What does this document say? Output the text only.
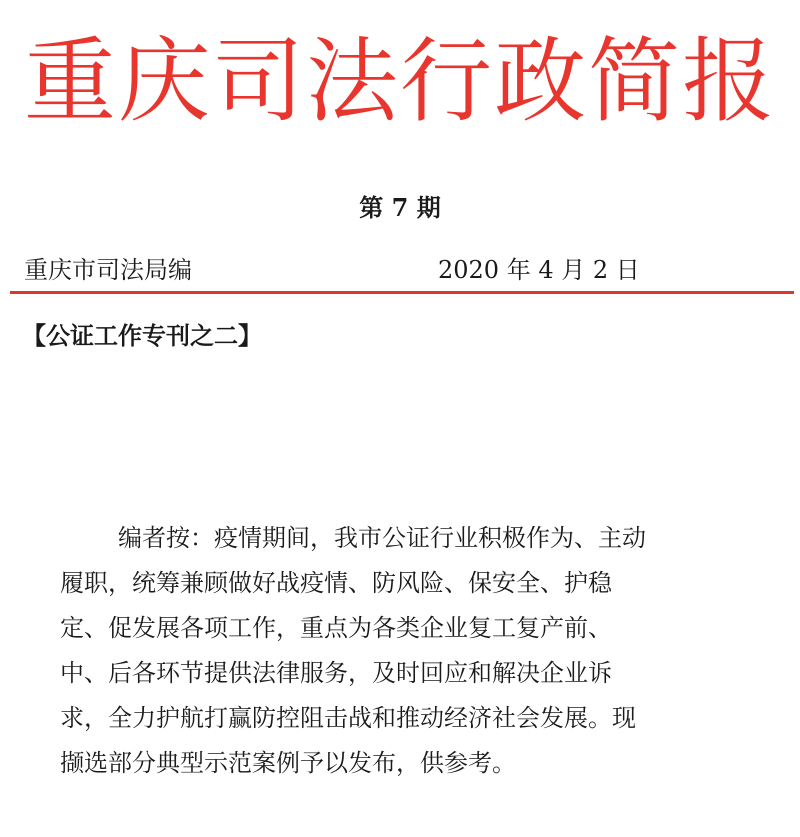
重庆司法行政简报
第 7 期
重庆市司法局编	2020 年 4 月 2 日
【公证工作专刊之二】
编者按：疫情期间，我市公证行业积极作为、主动
履职，统筹兼顾做好战疫情、防风险、保安全、护稳
定、促发展各项工作，重点为各类企业复工复产前、
中、后各环节提供法律服务，及时回应和解决企业诉
求，全力护航打赢防控阻击战和推动经济社会发展。现
撷选部分典型示范案例予以发布，供参考。
